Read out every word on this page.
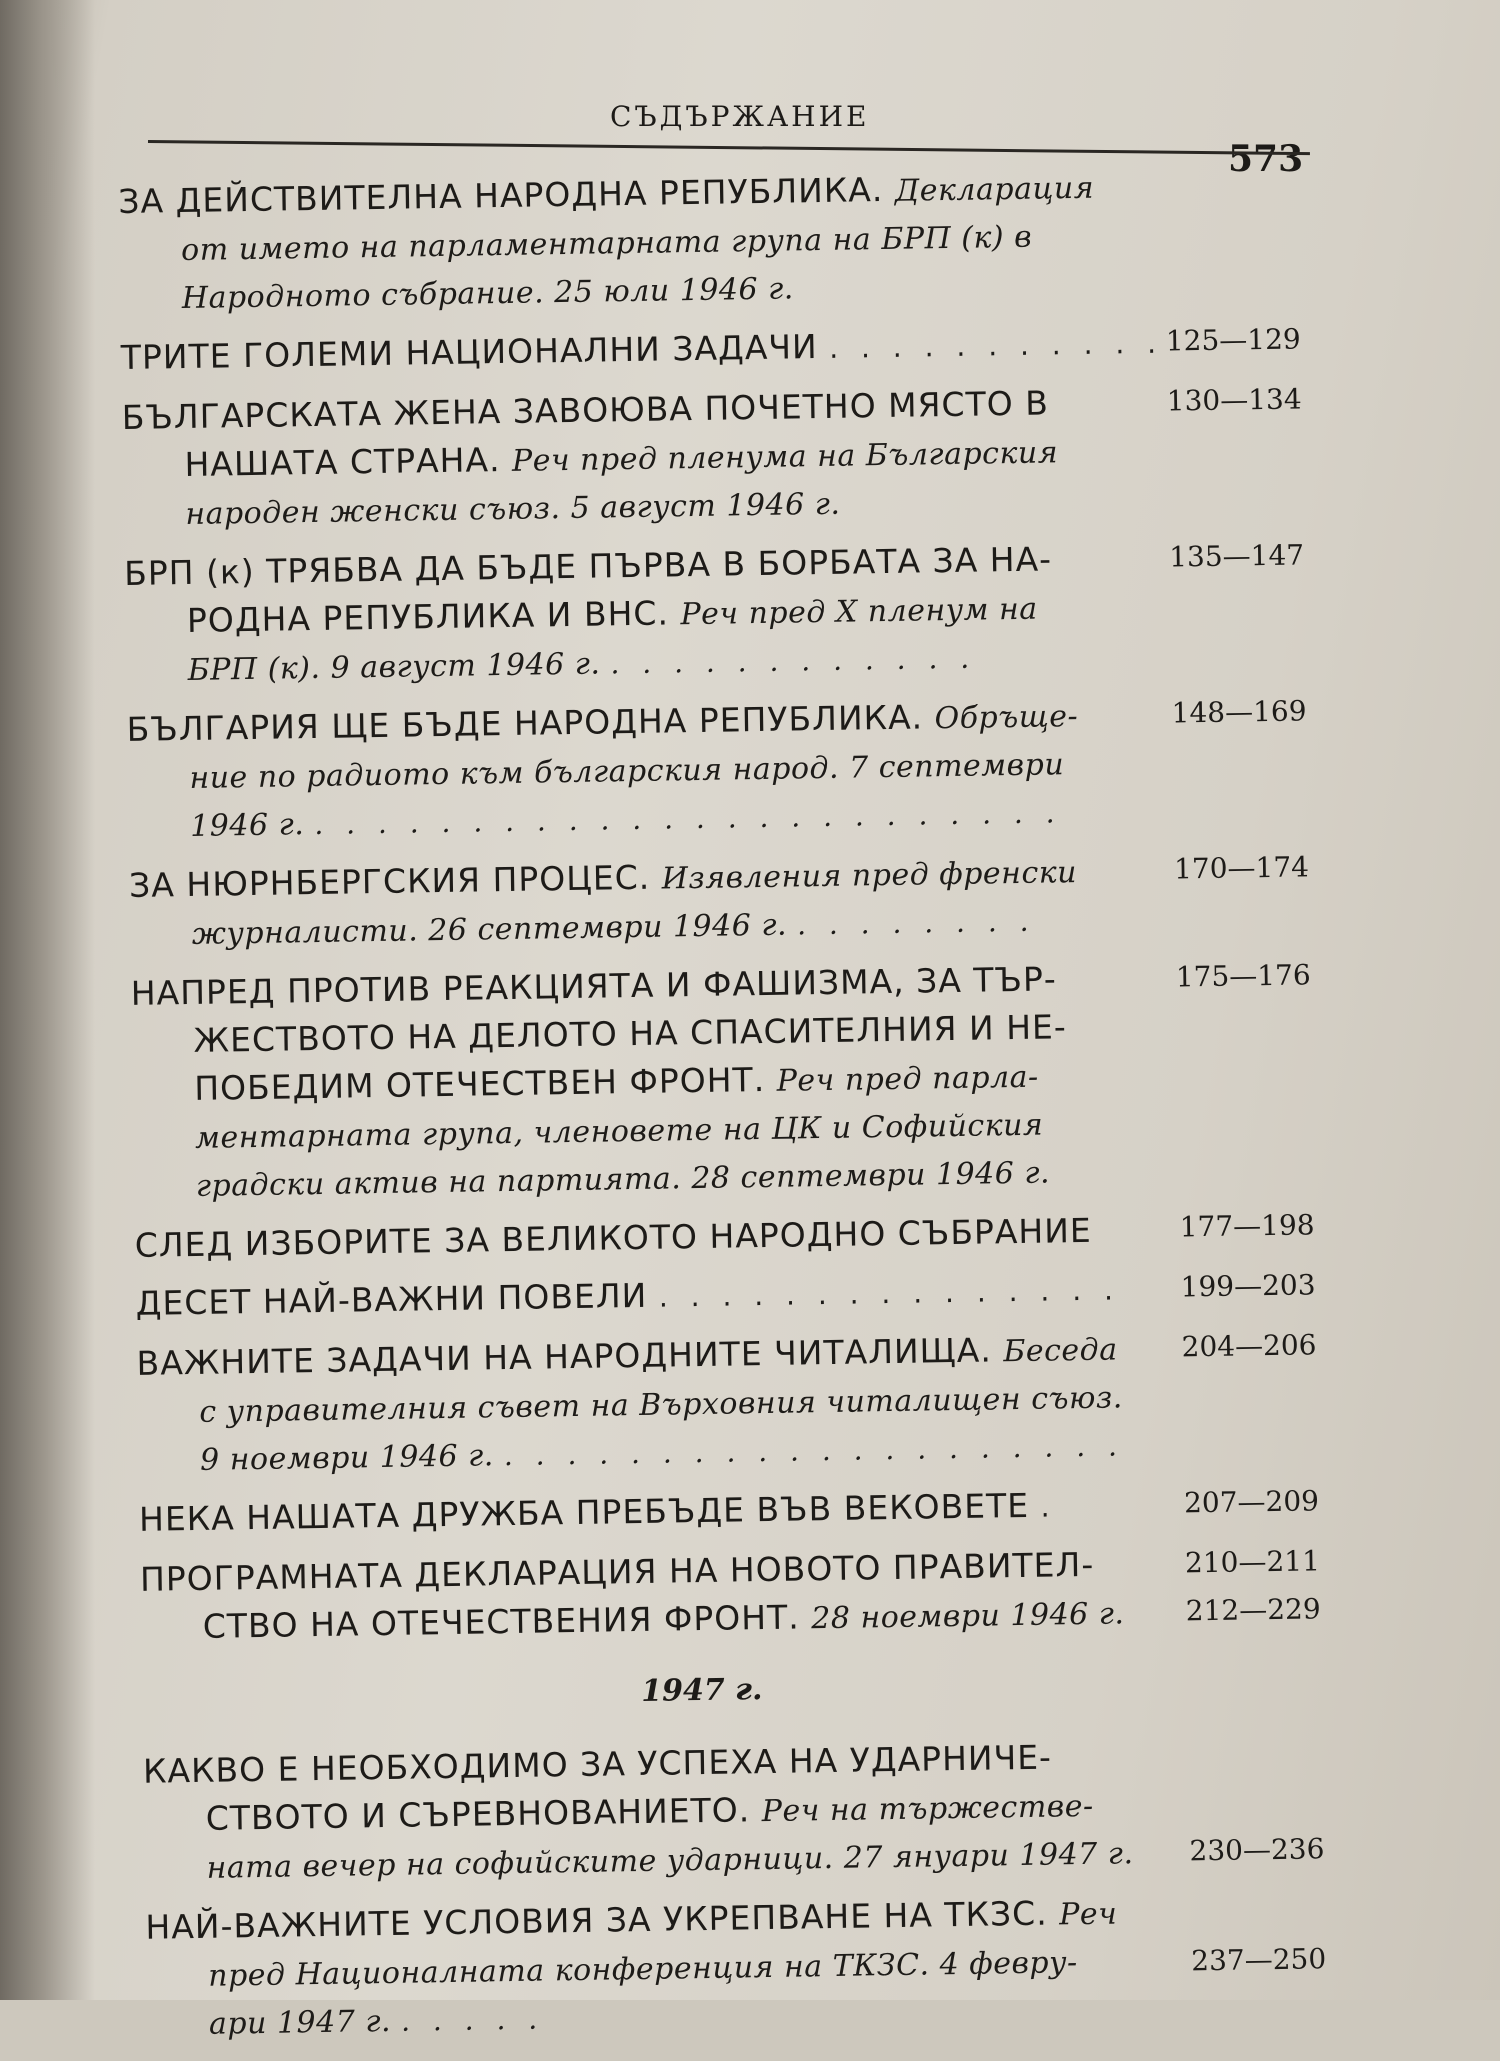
СЪДЪРЖАНИЕ
573
ЗА ДЕЙСТВИТЕЛНА НАРОДНА РЕПУБЛИКА. Декларация
от името на парламентарната група на БРП (к) в
Народното събрание. 25 юли 1946 г.
ТРИТЕ ГОЛЕМИ НАЦИОНАЛНИ ЗАДАЧИ . . . . . . . . . . . 125—129
БЪЛГАРСКАТА ЖЕНА ЗАВОЮВА ПОЧЕТНО МЯСТО В
НАШАТА СТРАНА. Реч пред пленума на Българския
народен женски съюз. 5 август 1946 г.
130—134
БРП (к) ТРЯБВА ДА БЪДЕ ПЪРВА В БОРБАТА ЗА НА-
РОДНА РЕПУБЛИКА И ВНС. Реч пред X пленум на
БРП (к). 9 август 1946 г. . . . . . . . . . . . .
135—147
БЪЛГАРИЯ ЩЕ БЪДЕ НАРОДНА РЕПУБЛИКА. Обръще-
ние по радиото към българския народ. 7 септември
1946 г. . . . . . . . . . . . . . . . . . . . . . . . .
148—169
ЗА НЮРНБЕРГСКИЯ ПРОЦЕС. Изявления пред френски
журналисти. 26 септември 1946 г. . . . . . . . .
170—174
НАПРЕД ПРОТИВ РЕАКЦИЯТА И ФАШИЗМА, ЗА ТЪР-
ЖЕСТВОТО НА ДЕЛОТО НА СПАСИТЕЛНИЯ И НЕ-
ПОБЕДИМ ОТЕЧЕСТВЕН ФРОНТ. Реч пред парла-
ментарната група, членовете на ЦК и Софийския
градски актив на партията. 28 септември 1946 г.
175—176
СЛЕД ИЗБОРИТЕ ЗА ВЕЛИКОТО НАРОДНО СЪБРАНИЕ	177—198
ДЕСЕТ НАЙ-ВАЖНИ ПОВЕЛИ . . . . . . . . . . . . . . . 199—203
ВАЖНИТЕ ЗАДАЧИ НА НАРОДНИТЕ ЧИТАЛИЩА. Беседа
с управителния съвет на Върховния читалищен съюз.
9 ноември 1946 г. . . . . . . . . . . . . . . . . . . . .
204—206
НЕКА НАШАТА ДРУЖБА ПРЕБЪДЕ ВЪВ ВЕКОВЕТЕ .	207—209
ПРОГРАМНАТА ДЕКЛАРАЦИЯ НА НОВОТО ПРАВИТЕЛ-
СТВО НА ОТЕЧЕСТВЕНИЯ ФРОНТ. 28 ноември 1946 г.
210—211
212—229
1947 г.
КАКВО Е НЕОБХОДИМО ЗА УСПЕХА НА УДАРНИЧЕ-
СТВОТО И СЪРЕВНОВАНИЕТО. Реч на тържестве-
ната вечер на софийските ударници. 27 януари 1947 г. 230—236
НАЙ-ВАЖНИТЕ УСЛОВИЯ ЗА УКРЕПВАНЕ НА ТКЗС. Реч
пред Националната конференция на ТКЗС. 4 февру-
ари 1947 г. . . . . .
237—250
